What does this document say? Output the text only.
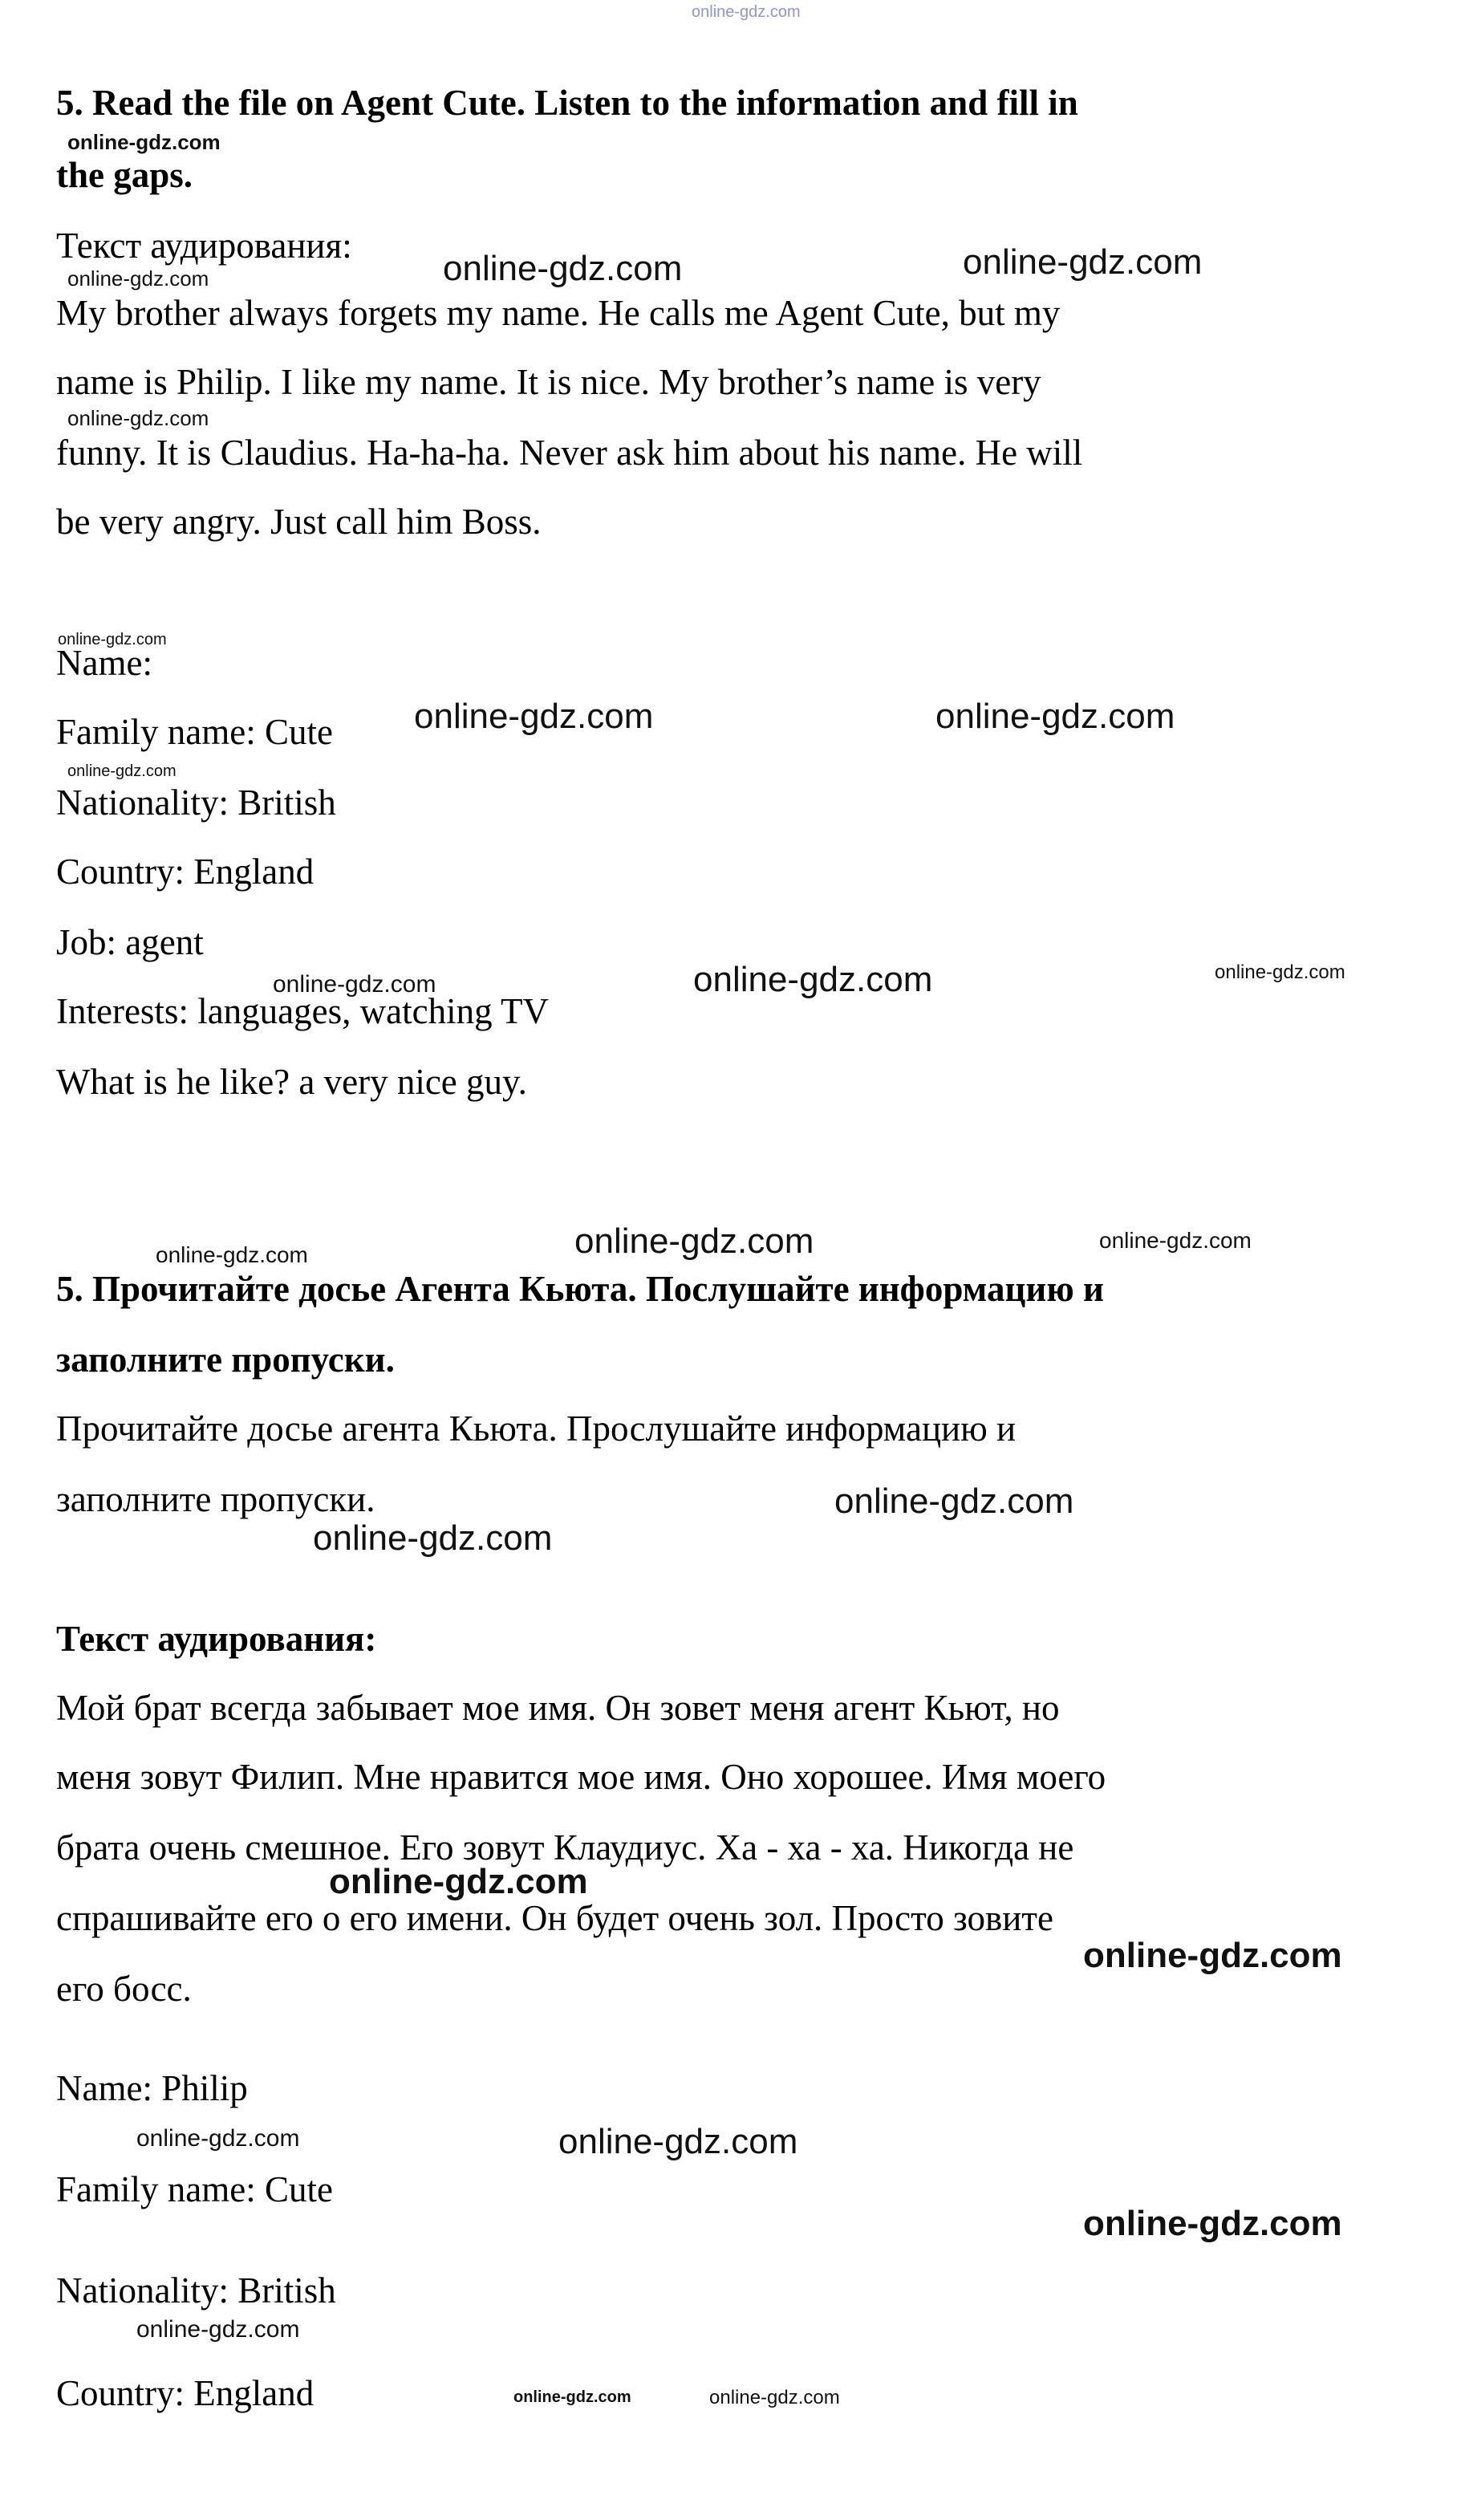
5. Read the file on Agent Cute. Listen to the information and fill in
the gaps.
Текст аудирования:
My brother always forgets my name. He calls me Agent Cute, but my
name is Philip. I like my name. It is nice. My brother’s name is very
funny. It is Claudius. Ha-ha-ha. Never ask him about his name. He will
be very angry. Just call him Boss.
Name:
Family name: Cute
Nationality: British
Country: England
Job: agent
Interests: languages, watching TV
What is he like? a very nice guy.
5. Прочитайте досье Агента Кьюта. Послушайте информацию и
заполните пропуски.
Прочитайте досье агента Кьюта. Прослушайте информацию и
заполните пропуски.
Текст аудирования:
Мой брат всегда забывает мое имя. Он зовет меня агент Кьют, но
меня зовут Филип. Мне нравится мое имя. Оно хорошее. Имя моего
брата очень смешное. Его зовут Клаудиус. Ха - ха - ха. Никогда не
спрашивайте его о его имени. Он будет очень зол. Просто зовите
его босс.
Name: Philip
Family name: Cute
Nationality: British
Country: England
online-gdz.com
online-gdz.com
online-gdz.com	online-gdz.com	online-gdz.com
online-gdz.com
online-gdz.com
online-gdz.com	online-gdz.com
online-gdz.com
online-gdz.com	online-gdz.com	online-gdz.com
online-gdz.com	online-gdz.com	online-gdz.com
online-gdz.com
online-gdz.com
online-gdz.com
online-gdz.com
online-gdz.com	online-gdz.com
online-gdz.com
online-gdz.com
online-gdz.com	online-gdz.com
